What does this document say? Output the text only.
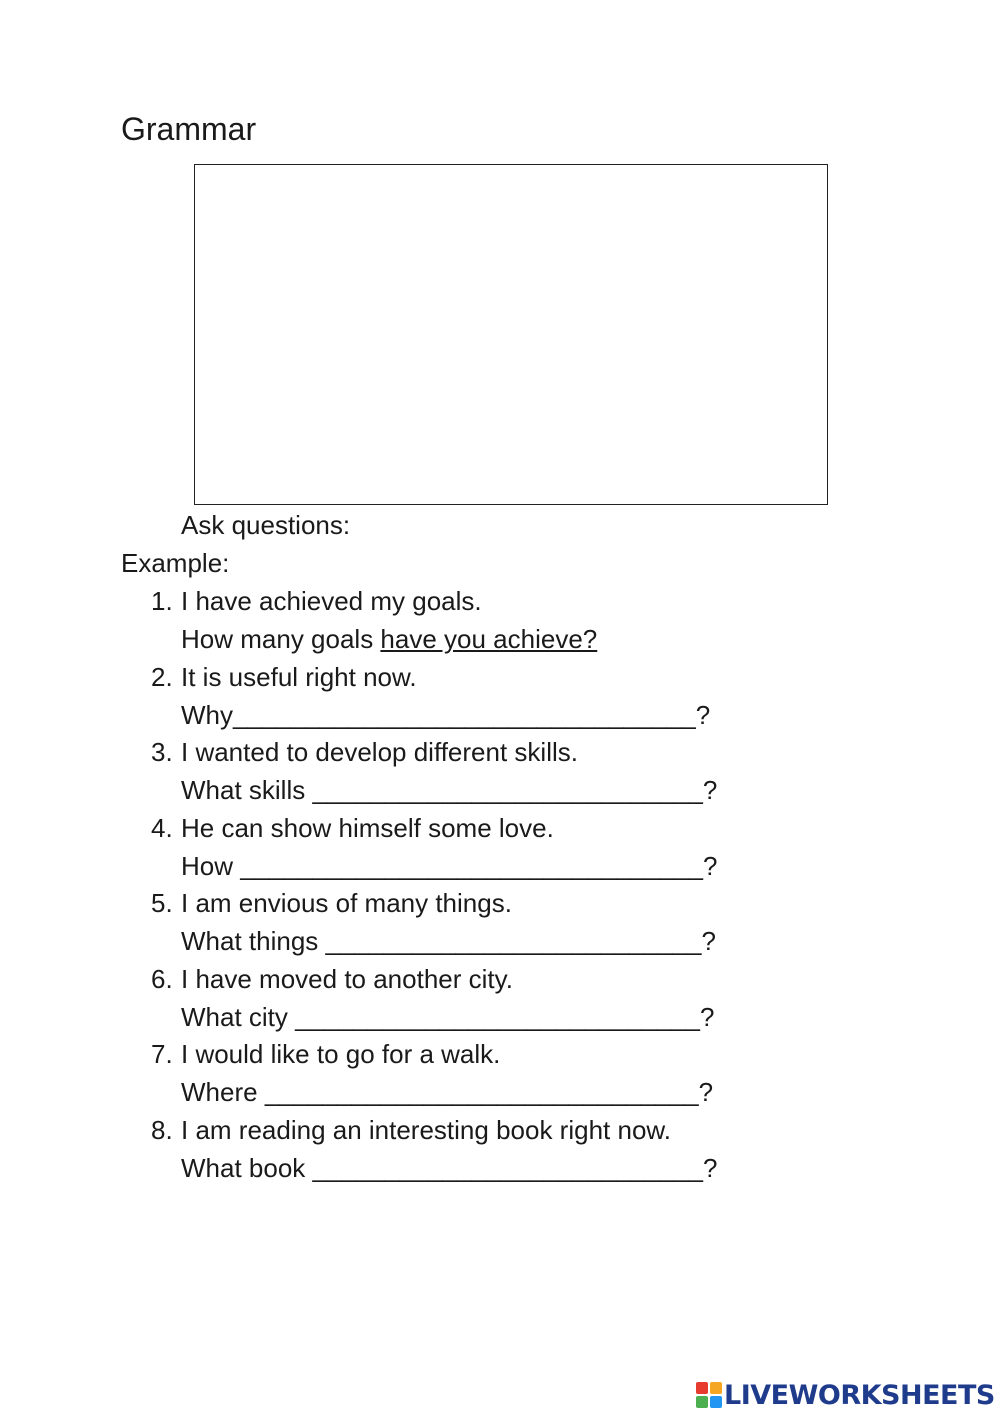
Grammar
Ask questions:
Example:
1. I have achieved my goals.
How many goals have you achieve?
2. It is useful right now.
Why________________________________?
3. I wanted to develop different skills.
What skills ___________________________?
4. He can show himself some love.
How ________________________________?
5. I am envious of many things.
What things __________________________?
6. I have moved to another city.
What city ____________________________?
7. I would like to go for a walk.
Where ______________________________?
8. I am reading an interesting book right now.
What book ___________________________?
LIVEWORKSHEETS
